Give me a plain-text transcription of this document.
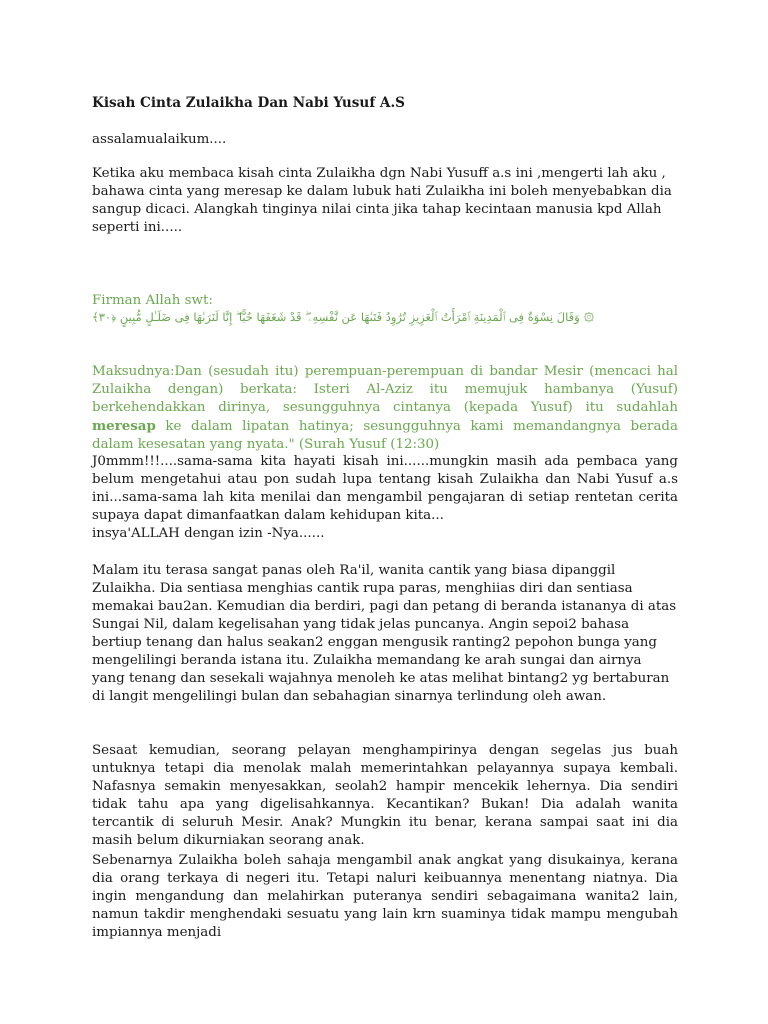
Kisah Cinta Zulaikha Dan Nabi Yusuf A.S

assalamualaikum....

Ketika aku membaca kisah cinta Zulaikha dgn Nabi Yusuff a.s ini ,mengerti lah aku , bahawa cinta yang meresap ke dalam lubuk hati Zulaikha ini boleh menyebabkan dia sangup dicaci. Alangkah tinginya nilai cinta jika tahap kecintaan manusia kpd Allah seperti ini.....

Firman Allah swt:

۞ وَقَالَ نِسْوَةٌ فِى ٱلْمَدِينَةِ ٱمْرَأَتُ ٱلْعَزِيزِ تُرَٰوِدُ فَتَىٰهَا عَن نَّفْسِهِۦ ۖ قَدْ شَغَفَهَا حُبًّا ۖ إِنَّا لَنَرَىٰهَا فِى ضَلَـٰلٍ مُّبِينٍ ﴿٣٠﴾

Maksudnya:Dan (sesudah itu) perempuan-perempuan di bandar Mesir (mencaci hal Zulaikha dengan) berkata: Isteri Al-Aziz itu memujuk hambanya (Yusuf) berkehendakkan dirinya, sesungguhnya cintanya (kepada Yusuf) itu sudahlah meresap ke dalam lipatan hatinya; sesungguhnya kami memandangnya berada dalam kesesatan yang nyata." (Surah Yusuf (12:30)

J0mmm!!!....sama-sama kita hayati kisah ini......mungkin masih ada pembaca yang belum mengetahui atau pon sudah lupa tentang kisah Zulaikha dan Nabi Yusuf a.s ini...sama-sama lah kita menilai dan mengambil pengajaran di setiap rentetan cerita supaya dapat dimanfaatkan dalam kehidupan kita...
insya'ALLAH dengan izin -Nya......

Malam itu terasa sangat panas oleh Ra'il, wanita cantik yang biasa dipanggil Zulaikha. Dia sentiasa menghias cantik rupa paras, menghiias diri dan sentiasa memakai bau2an. Kemudian dia berdiri, pagi dan petang di beranda istananya di atas Sungai Nil, dalam kegelisahan yang tidak jelas puncanya. Angin sepoi2 bahasa bertiup tenang dan halus seakan2 enggan mengusik ranting2 pepohon bunga yang mengelilingi beranda istana itu. Zulaikha memandang ke arah sungai dan airnya yang tenang dan sesekali wajahnya menoleh ke atas melihat bintang2 yg bertaburan di langit mengelilingi bulan dan sebahagian sinarnya terlindung oleh awan.

Sesaat kemudian, seorang pelayan menghampirinya dengan segelas jus buah untuknya tetapi dia menolak malah memerintahkan pelayannya supaya kembali. Nafasnya semakin menyesakkan, seolah2 hampir mencekik lehernya. Dia sendiri tidak tahu apa yang digelisahkannya. Kecantikan? Bukan! Dia adalah wanita tercantik di seluruh Mesir. Anak? Mungkin itu benar, kerana sampai saat ini dia masih belum dikurniakan seorang anak.

Sebenarnya Zulaikha boleh sahaja mengambil anak angkat yang disukainya, kerana dia orang terkaya di negeri itu. Tetapi naluri keibuannya menentang niatnya. Dia ingin mengandung dan melahirkan puteranya sendiri sebagaimana wanita2 lain, namun takdir menghendaki sesuatu yang lain krn suaminya tidak mampu mengubah impiannya menjadi
